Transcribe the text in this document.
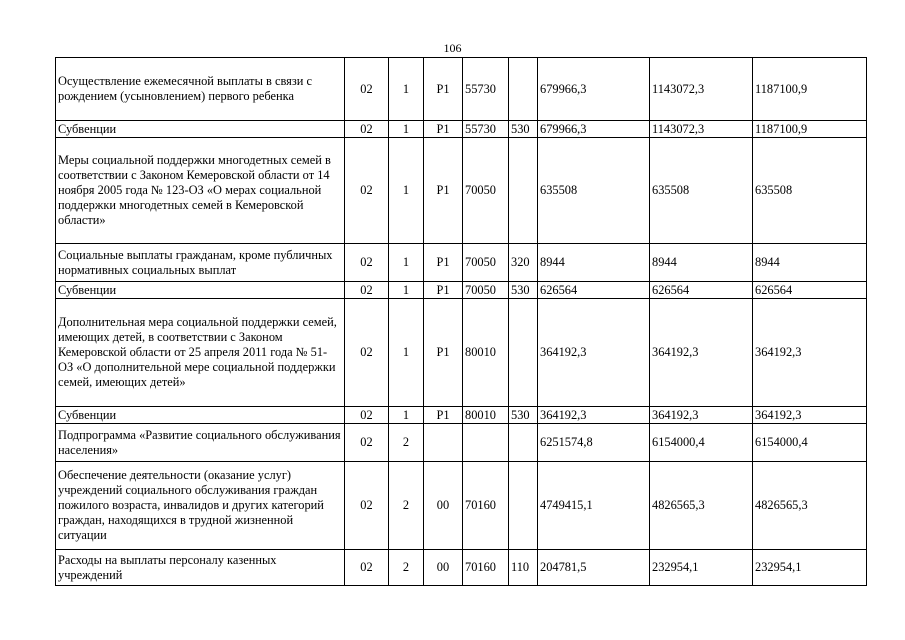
106
Осуществление ежемесячной выплаты в связи с рождением (усыновлением) первого ребенка	02	1	Р1	55730		679966,3	1143072,3	1187100,9
Субвенции	02	1	Р1	55730	530	679966,3	1143072,3	1187100,9
Меры социальной поддержки многодетных семей в соответствии с Законом Кемеровской области от 14 ноября 2005 года № 123-ОЗ «О мерах социальной поддержки многодетных семей в Кемеровской области»	02	1	Р1	70050		635508	635508	635508
Социальные выплаты гражданам, кроме публичных нормативных социальных выплат	02	1	Р1	70050	320	8944	8944	8944
Субвенции	02	1	Р1	70050	530	626564	626564	626564
Дополнительная мера социальной поддержки семей, имеющих детей, в соответствии с Законом Кемеровской области от 25 апреля 2011 года № 51-ОЗ «О дополнительной мере социальной поддержки семей, имеющих детей»	02	1	Р1	80010		364192,3	364192,3	364192,3
Субвенции	02	1	Р1	80010	530	364192,3	364192,3	364192,3
Подпрограмма «Развитие социального обслуживания населения»	02	2				6251574,8	6154000,4	6154000,4
Обеспечение деятельности (оказание услуг) учреждений социального обслуживания граждан пожилого возраста, инвалидов и других категорий граждан, находящихся в трудной жизненной ситуации	02	2	00	70160		4749415,1	4826565,3	4826565,3
Расходы на выплаты персоналу казенных учреждений	02	2	00	70160	110	204781,5	232954,1	232954,1
